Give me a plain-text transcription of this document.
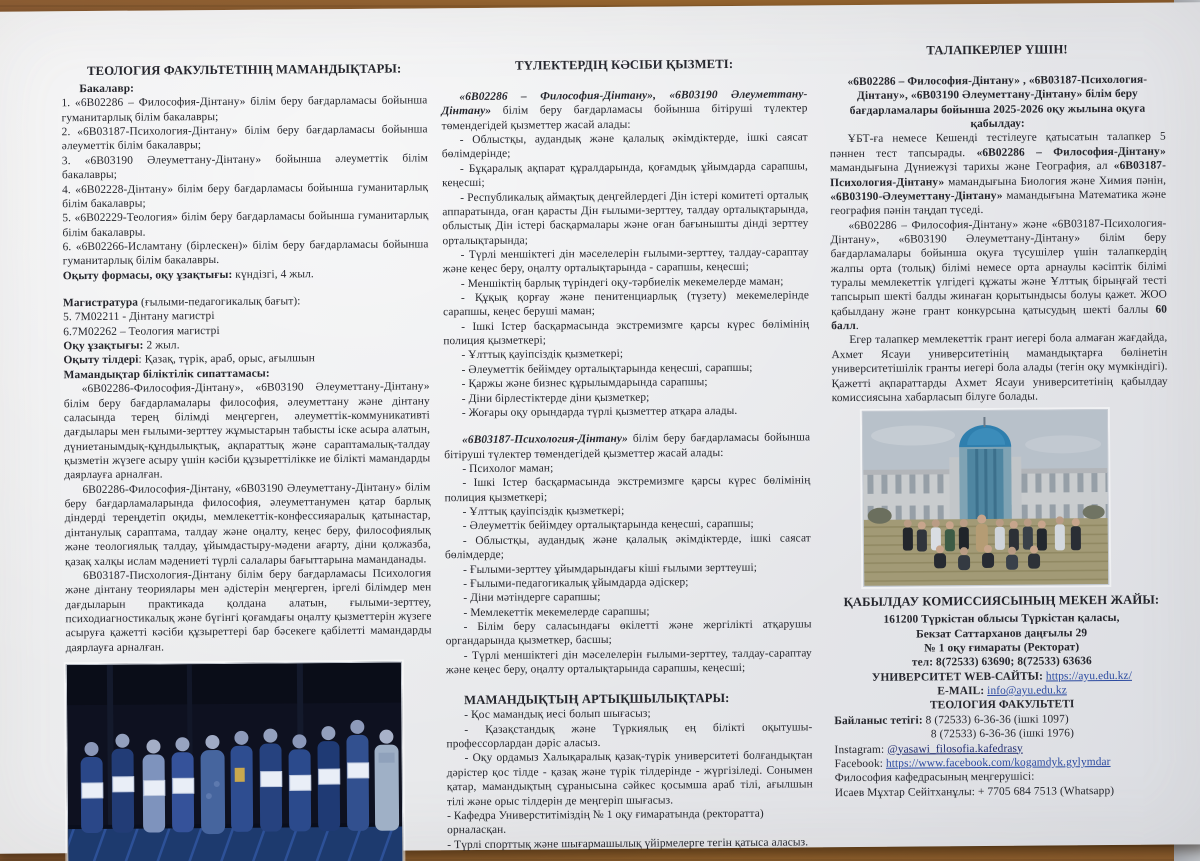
ТЕОЛОГИЯ ФАКУЛЬТЕТІНІҢ МАМАНДЫҚТАРЫ:
Бакалавр:
1. «6В02286 – Философия-Дінтану» білім беру бағдарламасы бойынша гуманитарлық білім бакалавры;
2. «6В03187-Психология-Дінтану» білім беру бағдарламасы бойынша әлеуметтік білім бакалавры;
3. «6В03190 Әлеуметтану-Дінтану» бойынша әлеуметтік білім бакалавры;
4. «6В02228-Дінтану» білім беру бағдарламасы бойынша гуманитарлық білім бакалавры;
5. «6В02229-Теология» білім беру бағдарламасы бойынша гуманитарлық білім бакалавры.
6. «6В02266-Исламтану (бірлескен)» білім беру бағдарламасы бойынша гуманитарлық білім бакалавры.
Оқыту формасы, оқу ұзақтығы: күндізгі, 4 жыл.
Магистратура (ғылыми-педагогикалық бағыт):
5. 7М02211 - Дінтану магистрі
6.7М02262 – Теология магистрі
Оқу ұзақтығы: 2 жыл.
Оқыту тілдері: Қазақ, түрік, араб, орыс, ағылшын
Мамандықтар біліктілік сипаттамасы:
«6В02286-Философия-Дінтану», «6В03190 Әлеуметтану-Дінтану» білім беру бағдарламалары философия, әлеуметтану және дінтану саласында терең білімді меңгерген, әлеуметтік-коммуникативті дағдылары мен ғылыми-зерттеу жұмыстарын табысты іске асыра алатын, дүниетанымдық-құндылықтық, ақпараттық және сараптамалық-талдау қызметін жүзеге асыру үшін кәсіби құзыреттілікке ие білікті мамандарды даярлауға арналған.
6В02286-Философия-Дінтану, «6В03190 Әлеуметтану-Дінтану» білім беру бағдарламаларында философия, әлеуметтанумен қатар барлық діндерді тереңдетіп оқиды, мемлекеттік-конфессияаралық қатынастар, дінтанулық сараптама, талдау және оңалту, кеңес беру, философиялық және теологиялық талдау, ұйымдастыру-мәдени ағарту, діни қолжазба, қазақ халқы ислам мәдениеті түрлі салалары бағыттарына маманданады.
6В03187-Писхология-Дінтану білім беру бағдарламасы Психология және дінтану теориялары мен әдістерін меңгерген, іргелі білімдер мен дағдыларын практикада қолдана алатын, ғылыми-зерттеу, психодиагностикалық және бүгінгі қоғамдағы оңалту қызметтерін жүзеге асыруға қажетті кәсіби құзыреттері бар бәсекеге қабілетті мамандарды даярлауға арналған.
ТҮЛЕКТЕРДІҢ КӘСІБИ ҚЫЗМЕТІ:
«6В02286 – Философия-Дінтану», «6В03190 Әлеуметтану-Дінтану» білім беру бағдарламасы бойынша бітіруші түлектер төмендегідей қызметтер жасай алады:
- Облыстқы, аудандық және қалалық әкімдіктерде, ішкі саясат бөлімдерінде;
- Бұқаралық ақпарат құралдарында, қоғамдық ұйымдарда сарапшы, кеңесші;
- Республикалық аймақтық деңгейлердегі Дін істері комитеті орталық аппаратында, оған қарасты Дін ғылыми-зерттеу, талдау орталықтарында, облыстық Дін істері басқармалары және оған бағынышты дінді зерттеу орталықтарында;
- Түрлі меншіктегі дін мәселелерін ғылыми-зерттеу, талдау-сараптау және кеңес беру, оңалту орталықтарында - сарапшы, кеңесші;
- Меншіктің барлық түріндегі оқу-тәрбиелік мекемелерде маман;
- Құқық қорғау және пенитенциарлық (түзету) мекемелерінде сарапшы, кеңес беруші маман;
- Ішкі Істер басқармасында экстремизмге қарсы күрес бөлімінің полиция қызметкері;
- Ұлттық қауіпсіздік қызметкері;
- Әлеуметтік бейімдеу орталықтарында кеңесші, сарапшы;
- Қаржы және бизнес құрылымдарында сарапшы;
- Діни бірлестіктерде діни қызметкер;
- Жоғары оқу орындарда түрлі қызметтер атқара алады.
«6В03187-Психология-Дінтану» білім беру бағдарламасы бойынша бітіруші түлектер төмендегідей қызметтер жасай алады:
- Психолог маман;
- Ішкі Істер басқармасында экстремизмге қарсы күрес бөлімінің полиция қызметкері;
- Ұлттық қауіпсіздік қызметкері;
- Әлеуметтік бейімдеу орталықтарында кеңесші, сарапшы;
- Облыстқы, аудандық және қалалық әкімдіктерде, ішкі саясат бөлімдерде;
- Ғылыми-зерттеу ұйымдарындағы кіші ғылыми зерттеуші;
- Ғылыми-педагогикалық ұйымдарда әдіскер;
- Діни мәтіндерге сарапшы;
- Мемлекеттік мекемелерде сарапшы;
- Білім беру саласындағы өкілетті және жергілікті атқарушы органдарында қызметкер, басшы;
- Түрлі меншіктегі дін мәселелерін ғылыми-зерттеу, талдау-сараптау және кеңес беру, оңалту орталықтарында сарапшы, кеңесші;
МАМАНДЫҚТЫҢ АРТЫҚШЫЛЫҚТАРЫ:
- Қос мамандық иесі болып шығасыз;
- Қазақстандық және Түркиялық ең білікті оқытушы-профессорлардан дәріс аласыз.
- Оқу ордамыз Халықаралық қазақ-түрік университеті болғандықтан дәрістер қос тілде - қазақ және түрік тілдерінде - жүргізіледі. Сонымен қатар, мамандықтың сұранысына сәйкес қосымша араб тілі, ағылшын тілі және орыс тілдерін де меңгеріп шығасыз.
- Кафедра Универститіміздің № 1 оқу ғимаратында (ректоратта) орналасқан.
- Түрлі спорттық және шығармашылық үйірмелерге тегін қатыса аласыз.
ТАЛАПКЕРЛЕР ҮШІН!
«6В02286 – Философия-Дінтану» , «6В03187-Психология-Дінтану», «6В03190 Әлеуметтану-Дінтану» білім беру бағдарламалары бойынша 2025-2026 оқу жылына оқуға қабылдау:
ҰБТ-ға немесе Кешенді тестілеуге қатысатын талапкер 5 пәннен тест тапсырады. «6В02286 – Философия-Дінтану» мамандығына Дүниежүзі тарихы және География, ал «6В03187-Психология-Дінтану» мамандығына Биология және Химия пәнін, «6В03190-Әлеуметтану-Дінтану» мамандығына Математика және география пәнін таңдап түседі.
«6В02286 – Философия-Дінтану» және «6В03187-Психология-Дінтану», «6В03190 Әлеуметтану-Дінтану» білім беру бағдарламалары бойынша оқуға түсушілер үшін талапкердің жалпы орта (толық) білімі немесе орта арнаулы кәсіптік білімі туралы мемлекеттік үлгідегі құжаты және Ұлттық бірыңғай тесті тапсырып шекті балды жинаған қорытындысы болуы қажет. ЖОО қабылдану және грант конкурсына қатысудың шекті баллы 60 балл.
Егер талапкер мемлекеттік грант иегері бола алмаған жағдайда, Ахмет Ясауи университетінің мамандықтарға бөлінетін университетішілік гранты иегері бола алады (тегін оқу мүмкіндігі). Қажетті ақпараттарды Ахмет Ясауи университетінің қабылдау комиссиясына хабарласып білуге болады.
ҚАБЫЛДАУ КОМИССИЯСЫНЫҢ МЕКЕН ЖАЙЫ:
161200 Түркістан облысы Түркістан қаласы,
Бекзат Саттарханов даңғылы 29
№ 1 оқу ғимараты (Ректорат)
тел: 8(72533) 63690; 8(72533) 63636
УНИВЕРСИТЕТ WEB-САЙТЫ: https://ayu.edu.kz/
E-MAIL: info@ayu.edu.kz
ТЕОЛОГИЯ ФАКУЛЬТЕТІ
Байланыс тетігі: 8 (72533) 6-36-36 (ішкі 1097)
8 (72533) 6-36-36 (ішкі 1976)
Instagram: @yasawi_filosofia.kafedrasy
Facebook: https://www.facebook.com/kogamdyk.gylymdar
Философия кафедрасының меңгерушісі:
Исаев Мұхтар Сейітханұлы: + 7705 684 7513 (Whatsapp)
